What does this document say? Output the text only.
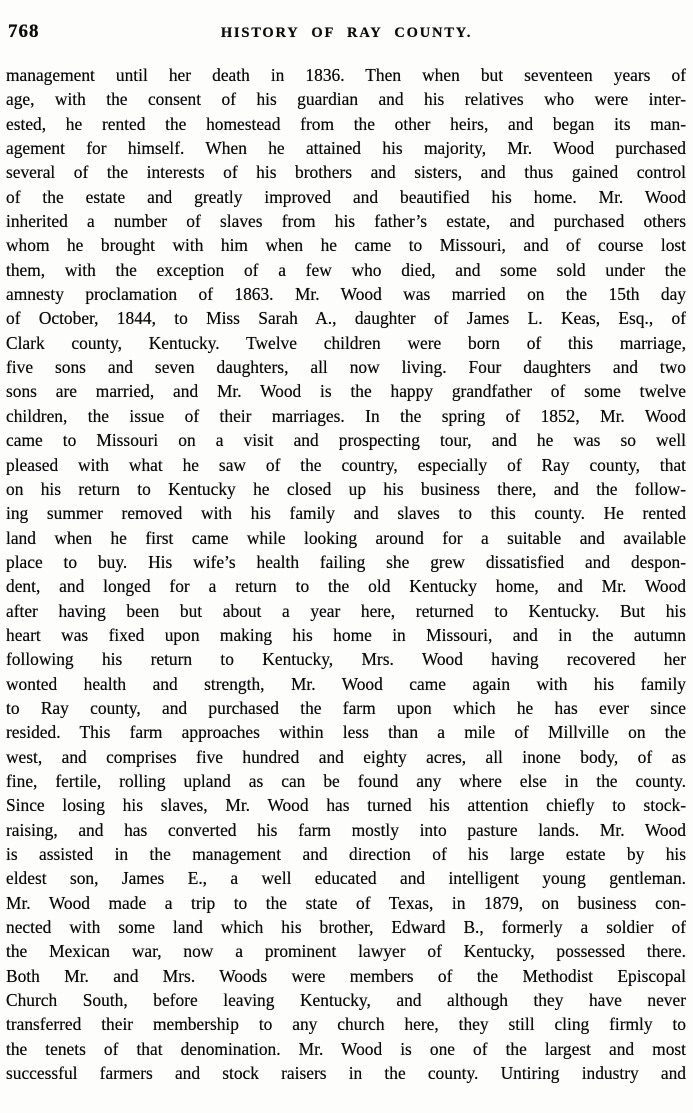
768	HISTORY OF RAY COUNTY.
management until her death in 1836. Then when but seventeen years of
age, with the consent of his guardian and his relatives who were inter-
ested, he rented the homestead from the other heirs, and began its man-
agement for himself. When he attained his majority, Mr. Wood purchased
several of the interests of his brothers and sisters, and thus gained control
of the estate and greatly improved and beautified his home. Mr. Wood
inherited a number of slaves from his father’s estate, and purchased others
whom he brought with him when he came to Missouri, and of course lost
them, with the exception of a few who died, and some sold under the
amnesty proclamation of 1863. Mr. Wood was married on the 15th day
of October, 1844, to Miss Sarah A., daughter of James L. Keas, Esq., of
Clark county, Kentucky. Twelve children were born of this marriage,
five sons and seven daughters, all now living. Four daughters and two
sons are married, and Mr. Wood is the happy grandfather of some twelve
children, the issue of their marriages. In the spring of 1852, Mr. Wood
came to Missouri on a visit and prospecting tour, and he was so well
pleased with what he saw of the country, especially of Ray county, that
on his return to Kentucky he closed up his business there, and the follow-
ing summer removed with his family and slaves to this county. He rented
land when he first came while looking around for a suitable and available
place to buy. His wife’s health failing she grew dissatisfied and despon-
dent, and longed for a return to the old Kentucky home, and Mr. Wood
after having been but about a year here, returned to Kentucky. But his
heart was fixed upon making his home in Missouri, and in the autumn
following his return to Kentucky, Mrs. Wood having recovered her
wonted health and strength, Mr. Wood came again with his family
to Ray county, and purchased the farm upon which he has ever since
resided. This farm approaches within less than a mile of Millville on the
west, and comprises five hundred and eighty acres, all inone body, of as
fine, fertile, rolling upland as can be found any where else in the county.
Since losing his slaves, Mr. Wood has turned his attention chiefly to stock-
raising, and has converted his farm mostly into pasture lands. Mr. Wood
is assisted in the management and direction of his large estate by his
eldest son, James E., a well educated and intelligent young gentleman.
Mr. Wood made a trip to the state of Texas, in 1879, on business con-
nected with some land which his brother, Edward B., formerly a soldier of
the Mexican war, now a prominent lawyer of Kentucky, possessed there.
Both Mr. and Mrs. Woods were members of the Methodist Episcopal
Church South, before leaving Kentucky, and although they have never
transferred their membership to any church here, they still cling firmly to
the tenets of that denomination. Mr. Wood is one of the largest and most
successful farmers and stock raisers in the county. Untiring industry and
